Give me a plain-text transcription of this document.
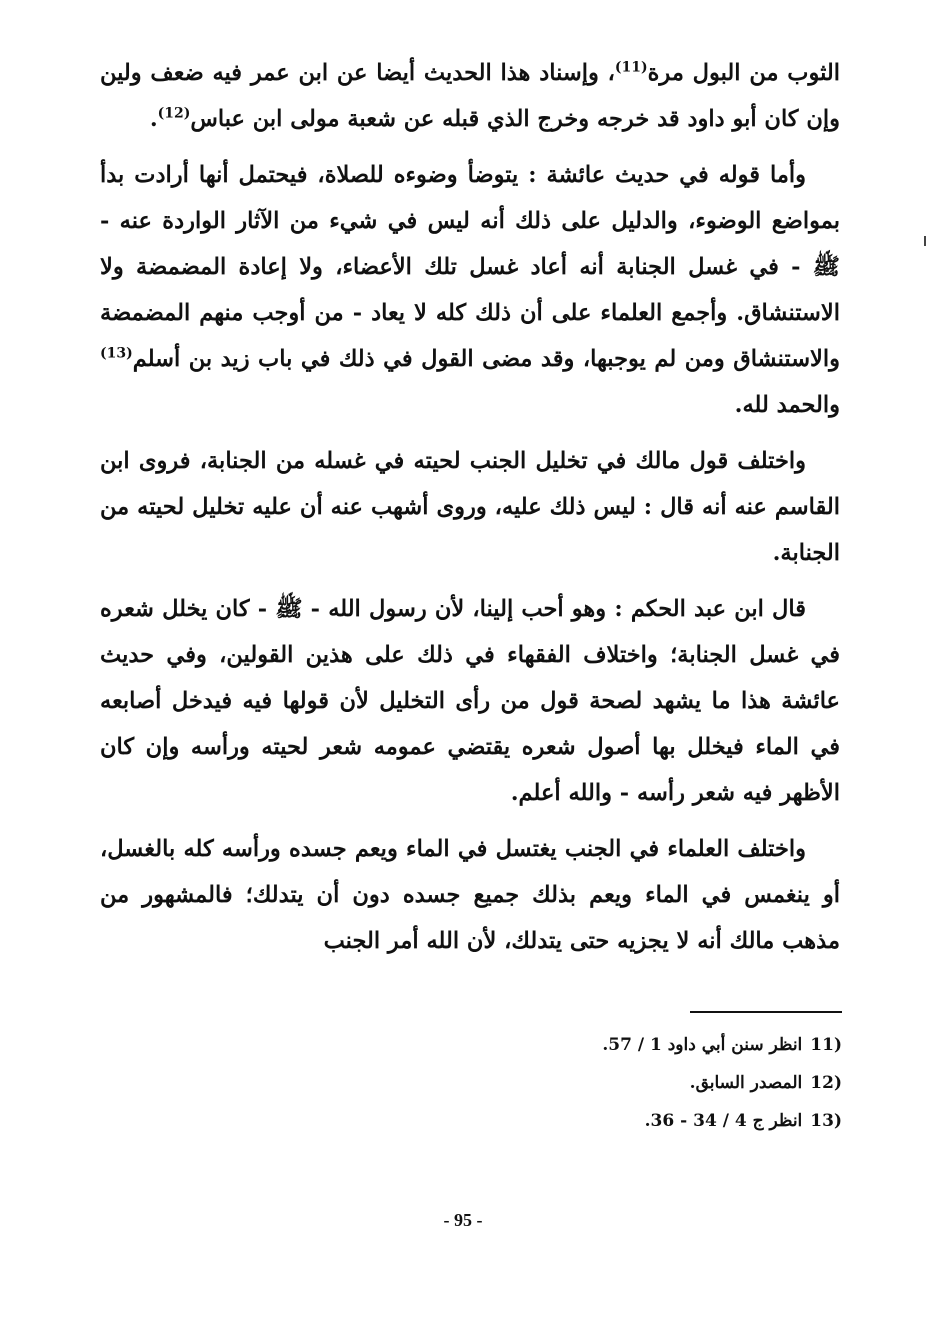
الثوب من البول مرة$^{(11)}$، وإسناد هذا الحديث أيضا عن ابن عمر فيه ضعف ولين وإن كان أبو داود قد خرجه وخرج الذي قبله عن شعبة مولى ابن عباس$^{(12)}$.

وأما قوله في حديث عائشة : يتوضأ وضوءه للصلاة، فيحتمل أنها أرادت بدأ بمواضع الوضوء، والدليل على ذلك أنه ليس في شيء من الآثار الواردة عنه - ﷺ - في غسل الجنابة أنه أعاد غسل تلك الأعضاء، ولا إعادة المضمضة ولا الاستنشاق. وأجمع العلماء على أن ذلك كله لا يعاد - من أوجب منهم المضمضة والاستنشاق ومن لم يوجبها، وقد مضى القول في ذلك في باب زيد بن أسلم$^{(13)}$ والحمد لله.

واختلف قول مالك في تخليل الجنب لحيته في غسله من الجنابة، فروى ابن القاسم عنه أنه قال : ليس ذلك عليه، وروى أشهب عنه أن عليه تخليل لحيته من الجنابة.

قال ابن عبد الحكم : وهو أحب إلينا، لأن رسول الله - ﷺ - كان يخلل شعره في غسل الجنابة؛ واختلاف الفقهاء في ذلك على هذين القولين، وفي حديث عائشة هذا ما يشهد لصحة قول من رأى التخليل لأن قولها فيه فيدخل أصابعه في الماء فيخلل بها أصول شعره يقتضي عمومه شعر لحيته ورأسه وإن كان الأظهر فيه شعر رأسه - والله أعلم.

واختلف العلماء في الجنب يغتسل في الماء ويعم جسده ورأسه كله بالغسل، أو ينغمس في الماء ويعم بذلك جميع جسده دون أن يتدلك؛ فالمشهور من مذهب مالك أنه لا يجزيه حتى يتدلك، لأن الله أمر الجنب

(11انظر سنن أبي داود 1 / 57.
(12المصدر السابق.
(13انظر ج 4 / 34 - 36.
- 95 -
